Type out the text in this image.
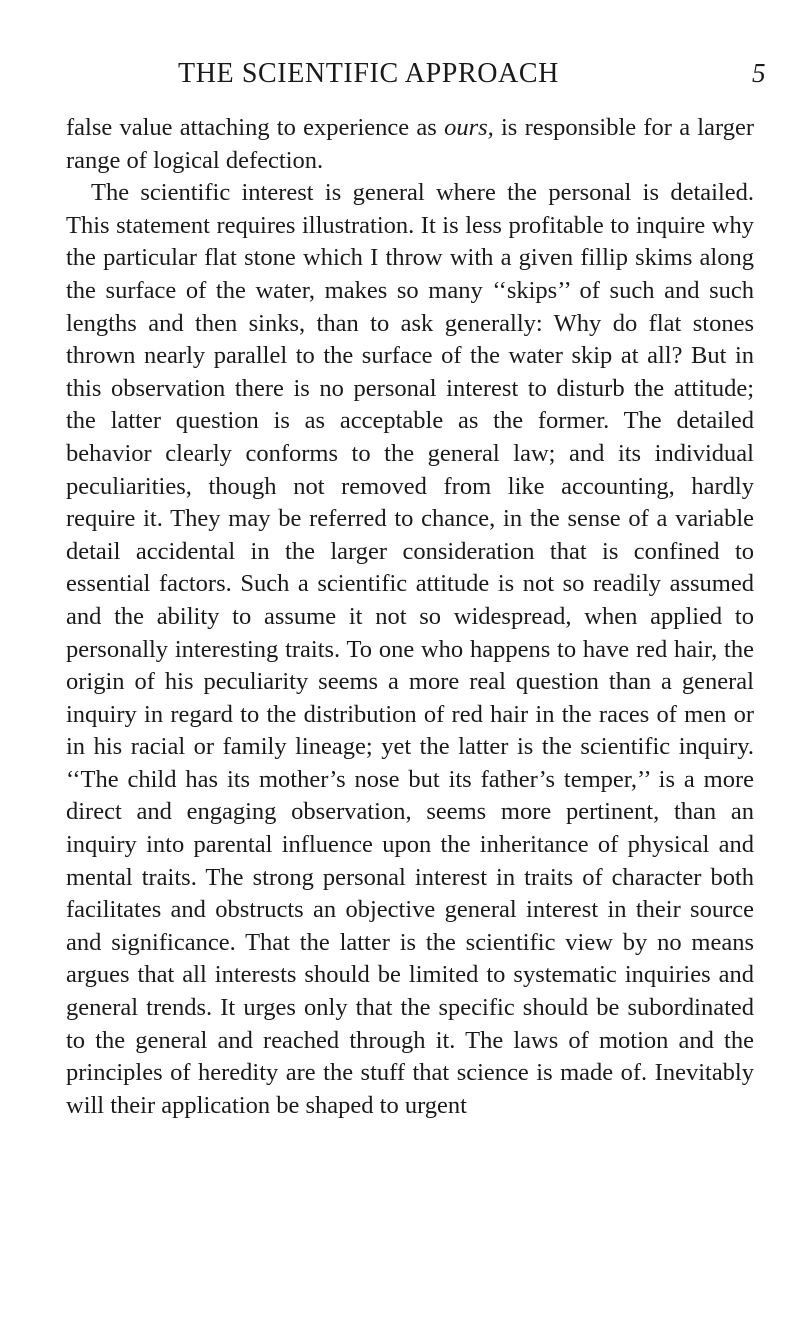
THE SCIENTIFIC APPROACH	5

false value attaching to experience as ours, is responsible for a larger range of logical defection.

The scientific interest is general where the personal is detailed. This statement requires illustration. It is less profitable to inquire why the particular flat stone which I throw with a given fillip skims along the surface of the water, makes so many ‘‘skips’’ of such and such lengths and then sinks, than to ask generally: Why do flat stones thrown nearly parallel to the surface of the water skip at all? But in this observation there is no personal interest to disturb the attitude; the latter question is as acceptable as the former. The detailed behavior clearly conforms to the general law; and its individual peculiarities, though not removed from like accounting, hardly require it. They may be referred to chance, in the sense of a variable detail accidental in the larger consideration that is confined to essential factors. Such a scientific attitude is not so readily assumed and the ability to assume it not so widespread, when applied to personally interesting traits. To one who happens to have red hair, the origin of his peculiarity seems a more real question than a general inquiry in regard to the distribution of red hair in the races of men or in his racial or family lineage; yet the latter is the scientific inquiry. ‘‘The child has its mother’s nose but its father’s temper,’’ is a more direct and engaging observation, seems more pertinent, than an inquiry into parental influence upon the inheritance of physical and mental traits. The strong personal interest in traits of character both facilitates and obstructs an objective general interest in their source and significance. That the latter is the scientific view by no means argues that all interests should be limited to systematic inquiries and general trends. It urges only that the specific should be subordinated to the general and reached through it. The laws of motion and the principles of heredity are the stuff that science is made of. Inevitably will their application be shaped to urgent
